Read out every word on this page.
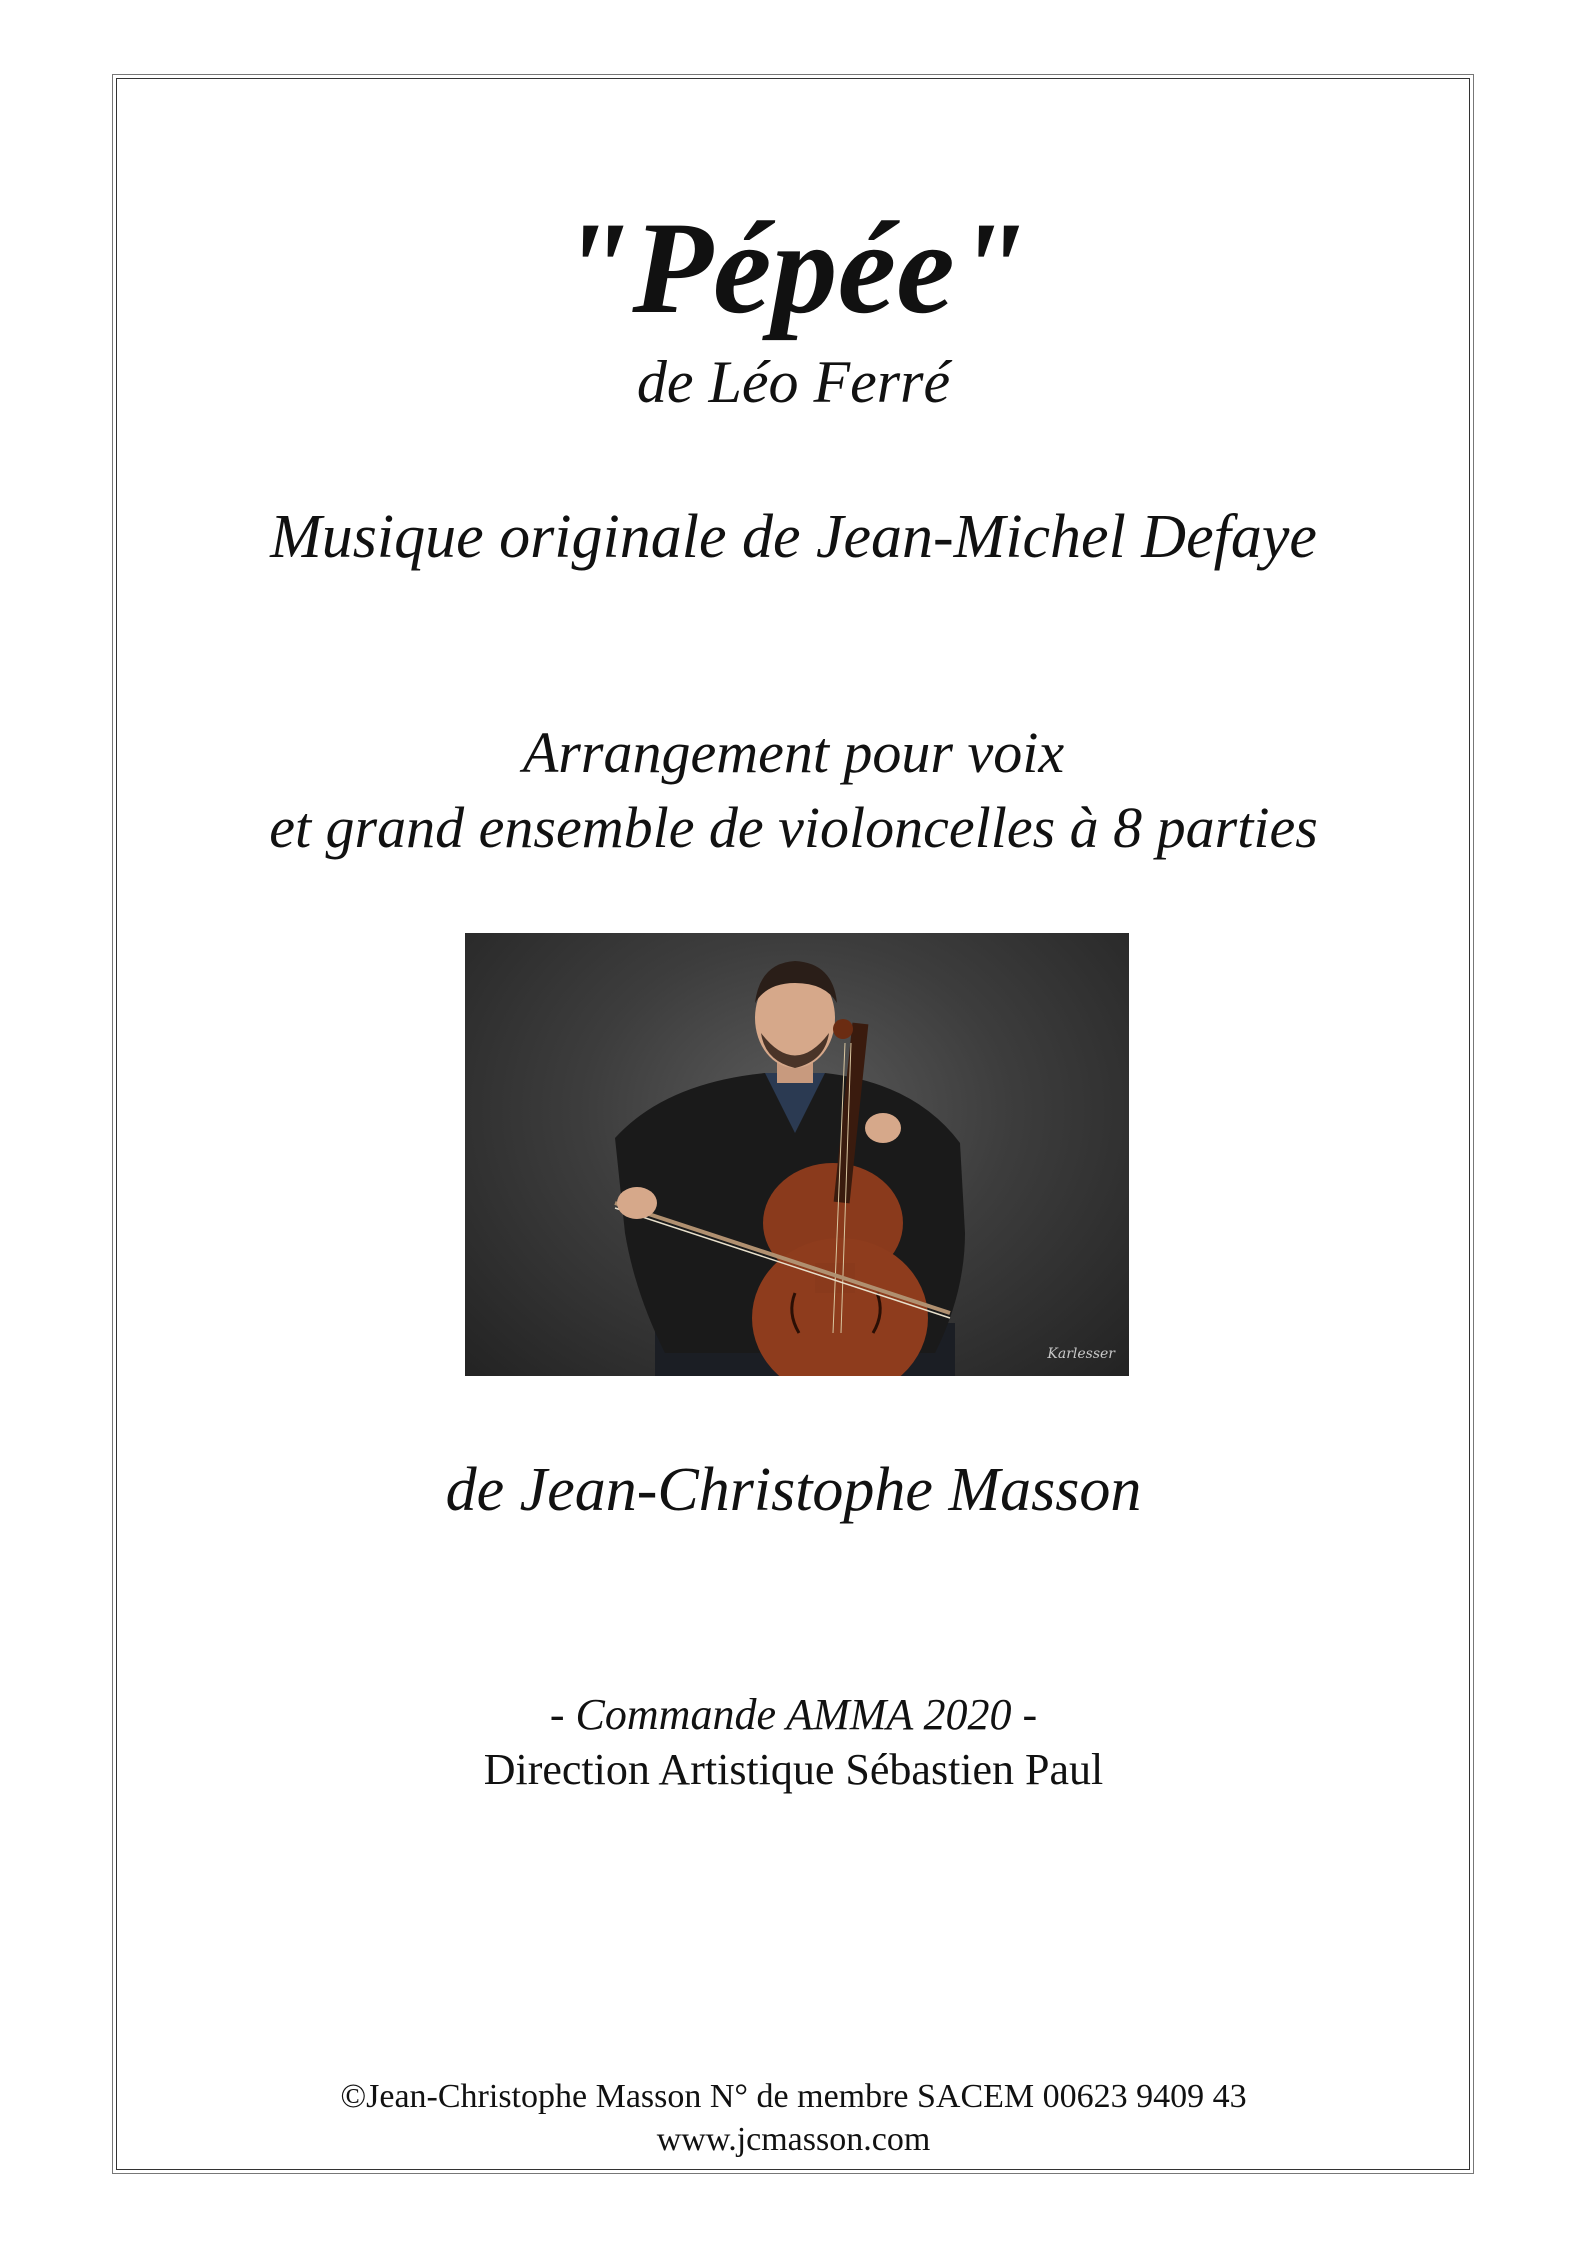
"Pépée"
de Léo Ferré
Musique originale de Jean-Michel Defaye
Arrangement pour voix
et grand ensemble de violoncelles à 8 parties
Karlesser
de Jean-Christophe Masson
- Commande AMMA 2020 -
Direction Artistique Sébastien Paul
©Jean-Christophe Masson N° de membre SACEM 00623 9409 43
www.jcmasson.com
